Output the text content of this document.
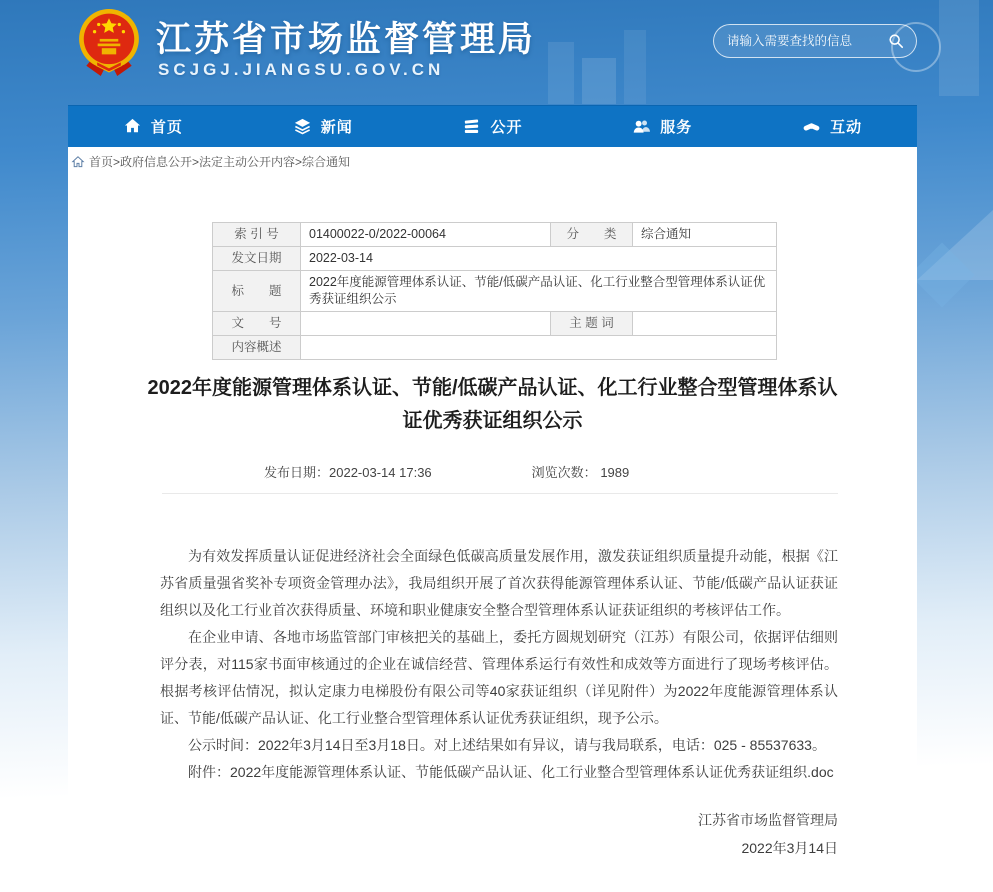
江苏省市场监督管理局
SCJGJ.JIANGSU.GOV.CN
请输入需要查找的信息
首页	新闻	公开	服务	互动
首页>政府信息公开>法定主动公开内容>综合通知
索 引 号	01400022-0/2022-00064	分　　类	综合通知
发文日期	2022-03-14		
标　　题	2022年度能源管理体系认证、节能/低碳产品认证、化工行业整合型管理体系认证优秀获证组织公示		
文　　号		主 题 词	
内容概述			
2022年度能源管理体系认证、节能/低碳产品认证、化工行业整合型管理体系认证优秀获证组织公示
发布日期：2022-03-14 17:36	浏览次数： 1989

为有效发挥质量认证促进经济社会全面绿色低碳高质量发展作用，激发获证组织质量提升动能，根据《江苏省质量强省奖补专项资金管理办法》，我局组织开展了首次获得能源管理体系认证、节能/低碳产品认证获证组织以及化工行业首次获得质量、环境和职业健康安全整合型管理体系认证获证组织的考核评估工作。

在企业申请、各地市场监管部门审核把关的基础上，委托方圆规划研究（江苏）有限公司，依据评估细则评分表，对115家书面审核通过的企业在诚信经营、管理体系运行有效性和成效等方面进行了现场考核评估。根据考核评估情况，拟认定康力电梯股份有限公司等40家获证组织（详见附件）为2022年度能源管理体系认证、节能/低碳产品认证、化工行业整合型管理体系认证优秀获证组织，现予公示。

公示时间：2022年3月14日至3月18日。对上述结果如有异议，请与我局联系，电话：025 - 85537633。

附件：2022年度能源管理体系认证、节能低碳产品认证、化工行业整合型管理体系认证优秀获证组织.doc
江苏省市场监督管理局
2022年3月14日
